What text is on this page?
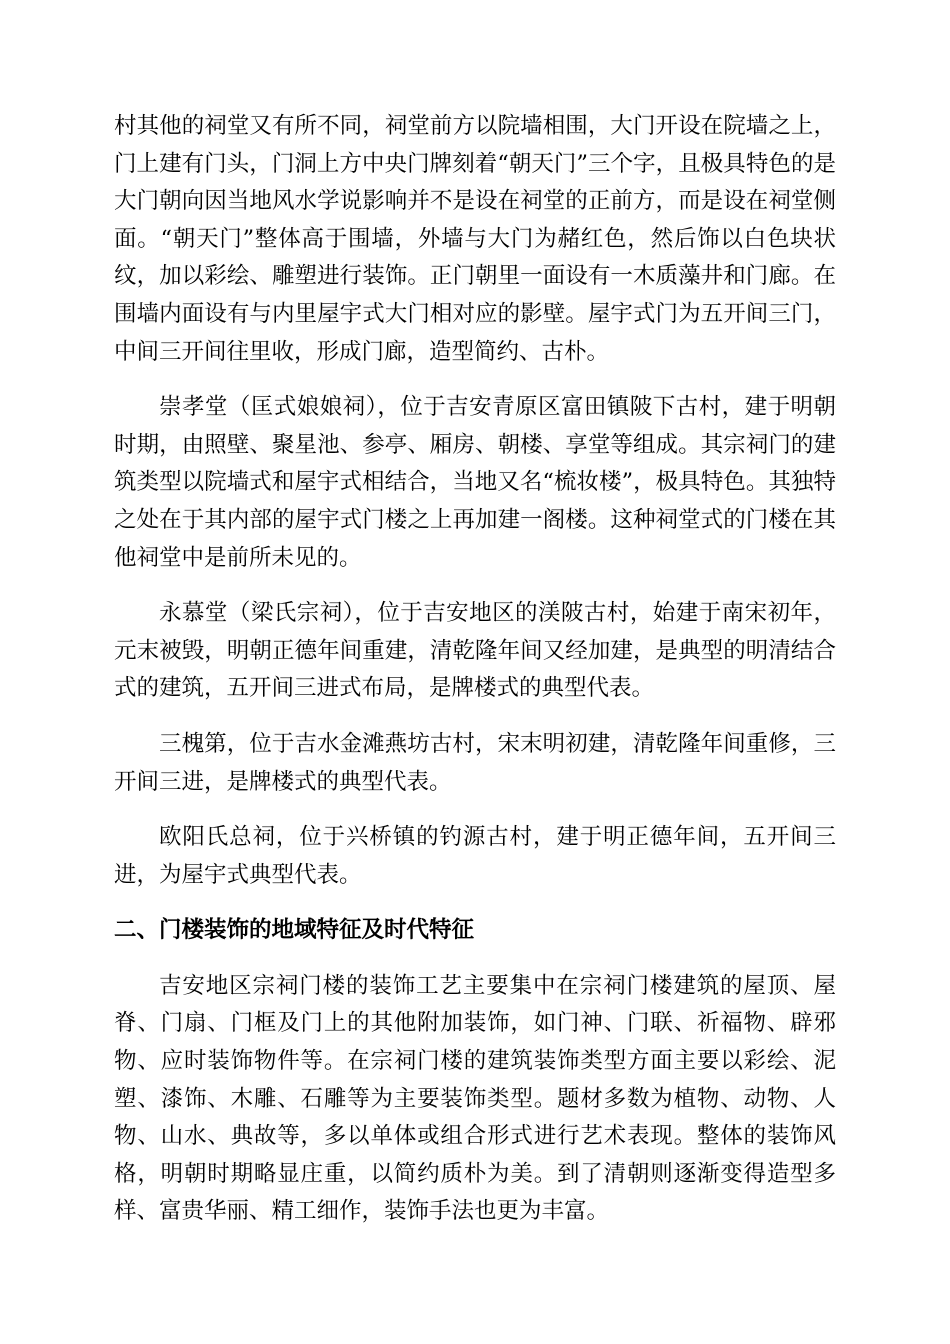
村其他的祠堂又有所不同，祠堂前方以院墙相围，大门开设在院墙之上，门上建有门头，门洞上方中央门牌刻着“朝天门”三个字，且极具特色的是大门朝向因当地风水学说影响并不是设在祠堂的正前方，而是设在祠堂侧面。“朝天门”整体高于围墙，外墙与大门为赭红色，然后饰以白色块状纹，加以彩绘、雕塑进行装饰。正门朝里一面设有一木质藻井和门廊。在围墙内面设有与内里屋宇式大门相对应的影壁。屋宇式门为五开间三门，中间三开间往里收，形成门廊，造型简约、古朴。

崇孝堂（匡式娘娘祠），位于吉安青原区富田镇陂下古村，建于明朝时期，由照壁、聚星池、参亭、厢房、朝楼、享堂等组成。其宗祠门的建筑类型以院墙式和屋宇式相结合，当地又名“梳妆楼”，极具特色。其独特之处在于其内部的屋宇式门楼之上再加建一阁楼。这种祠堂式的门楼在其他祠堂中是前所未见的。

永慕堂（梁氏宗祠），位于吉安地区的渼陂古村，始建于南宋初年，元末被毁，明朝正德年间重建，清乾隆年间又经加建，是典型的明清结合式的建筑，五开间三进式布局，是牌楼式的典型代表。

三槐第，位于吉水金滩燕坊古村，宋末明初建，清乾隆年间重修，三开间三进，是牌楼式的典型代表。

欧阳氏总祠，位于兴桥镇的钓源古村，建于明正德年间，五开间三进，为屋宇式典型代表。

二、门楼装饰的地域特征及时代特征

吉安地区宗祠门楼的装饰工艺主要集中在宗祠门楼建筑的屋顶、屋脊、门扇、门框及门上的其他附加装饰，如门神、门联、祈福物、辟邪物、应时装饰物件等。在宗祠门楼的建筑装饰类型方面主要以彩绘、泥塑、漆饰、木雕、石雕等为主要装饰类型。题材多数为植物、动物、人物、山水、典故等，多以单体或组合形式进行艺术表现。整体的装饰风格，明朝时期略显庄重，以简约质朴为美。到了清朝则逐渐变得造型多样、富贵华丽、精工细作，装饰手法也更为丰富。
